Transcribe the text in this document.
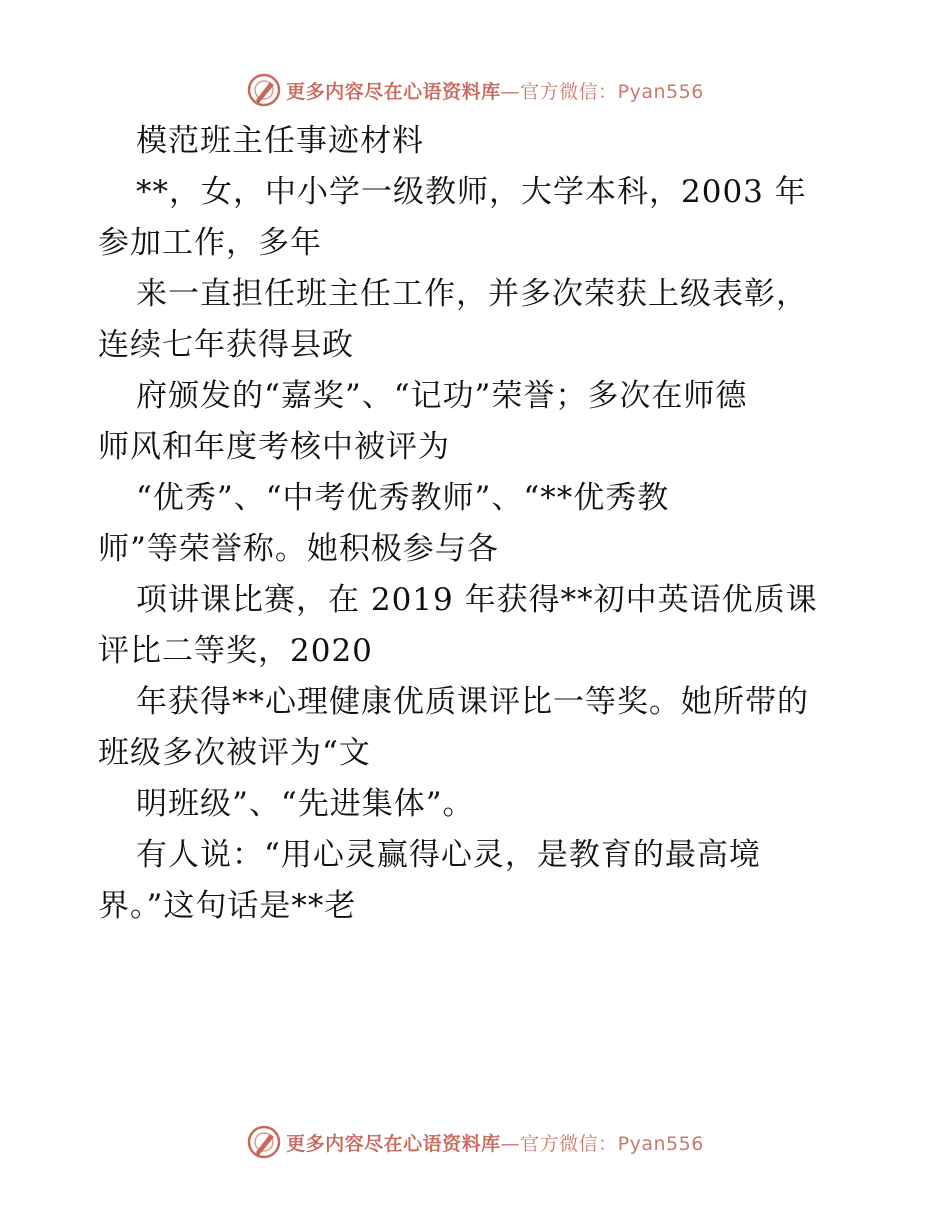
更多内容尽在心语资料库 —官方微信：Pyan556

模范班主任事迹材料

**，女，中小学一级教师，大学本科，2003 年

参加工作，多年

来一直担任班主任工作，并多次荣获上级表彰，

连续七年获得县政

府颁发的“嘉奖”、“记功”荣誉；多次在师德

师风和年度考核中被评为

“优秀”、“中考优秀教师”、“**优秀教

师”等荣誉称。她积极参与各

项讲课比赛，在 2019 年获得**初中英语优质课

评比二等奖，2020

年获得**心理健康优质课评比一等奖。她所带的

班级多次被评为“文

明班级”、“先进集体”。

有人说：“用心灵赢得心灵，是教育的最高境

界。”这句话是**老

更多内容尽在心语资料库 —官方微信：Pyan556
